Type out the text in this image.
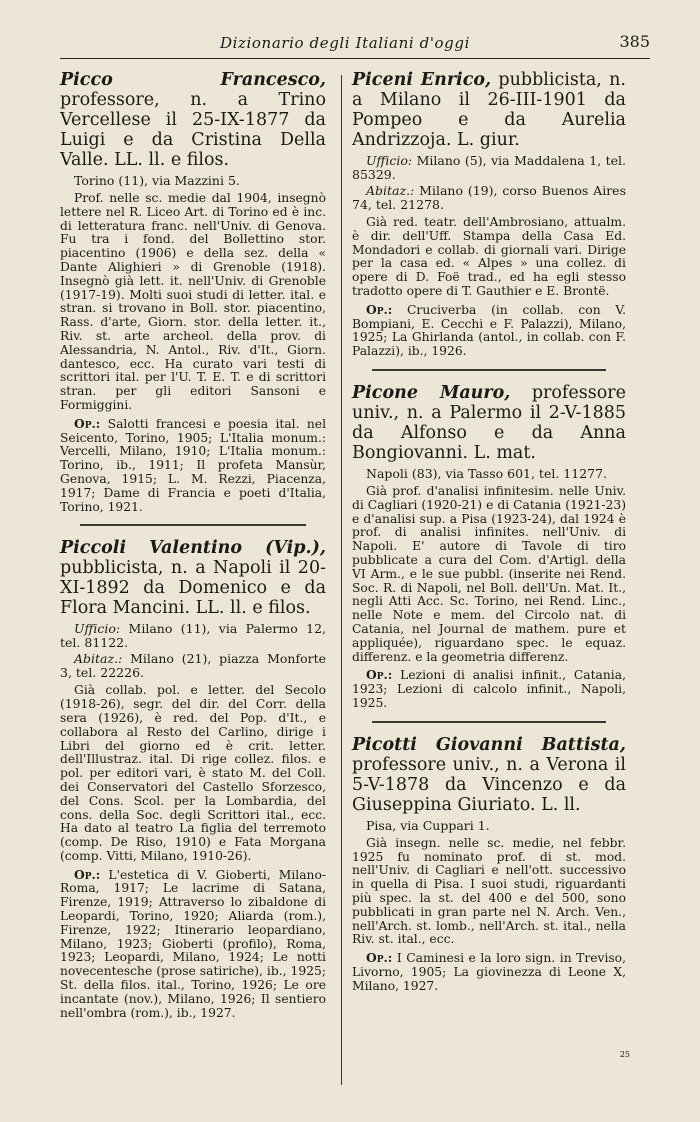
Dizionario degli Italiani d'oggi	385

Picco Francesco, professore, n. a Trino Vercellese il 25-IX-1877 da Luigi e da Cristina Della Valle. LL. ll. e filos.

Torino (11), via Mazzini 5.

Prof. nelle sc. medie dal 1904, insegnò lettere nel R. Liceo Art. di Torino ed è inc. di letteratura franc. nell'Univ. di Genova. Fu tra i fond. del Bollettino stor. piacentino (1906) e della sez. della « Dante Alighieri » di Grenoble (1918). Insegnò già lett. it. nell'Univ. di Grenoble (1917-19). Molti suoi studi di letter. ital. e stran. si trovano in Boll. stor. piacentino, Rass. d'arte, Giorn. stor. della letter. it., Riv. st. arte archeol. della prov. di Alessandria, N. Antol., Riv. d'It., Giorn. dantesco, ecc. Ha curato vari testi di scrittori ital. per l'U. T. E. T. e di scrittori stran. per gli editori Sansoni e Formiggini.

Op.: Salotti francesi e poesia ital. nel Seicento, Torino, 1905; L'Italia monum.: Vercelli, Milano, 1910; L'Italia monum.: Torino, ib., 1911; Il profeta Mansùr, Genova, 1915; L. M. Rezzi, Piacenza, 1917; Dame di Francia e poeti d'Italia, Torino, 1921.

Piccoli Valentino (Vip.), pubblicista, n. a Napoli il 20-XI-1892 da Domenico e da Flora Mancini. LL. ll. e filos.

Ufficio: Milano (11), via Palermo 12, tel. 81122.

Abitaz.: Milano (21), piazza Monforte 3, tel. 22226.

Già collab. pol. e letter. del Secolo (1918-26), segr. del dir. del Corr. della sera (1926), è red. del Pop. d'It., e collabora al Resto del Carlino, dirige i Libri del giorno ed è crit. letter. dell'Illustraz. ital. Di rige collez. filos. e pol. per editori vari, è stato M. del Coll. dei Conservatori del Castello Sforzesco, del Cons. Scol. per la Lombardia, del cons. della Soc. degli Scrittori ital., ecc. Ha dato al teatro La figlia del terremoto (comp. De Riso, 1910) e Fata Morgana (comp. Vitti, Milano, 1910-26).

Op.: L'estetica di V. Gioberti, Milano-Roma, 1917; Le lacrime di Satana, Firenze, 1919; Attraverso lo zibaldone di Leopardi, Torino, 1920; Aliarda (rom.), Firenze, 1922; Itinerario leopardiano, Milano, 1923; Gioberti (profilo), Roma, 1923; Leopardi, Milano, 1924; Le notti novecentesche (prose satiriche), ib., 1925; St. della filos. ital., Torino, 1926; Le ore incantate (nov.), Milano, 1926; Il sentiero nell'ombra (rom.), ib., 1927.

Piceni Enrico, pubblicista, n. a Milano il 26-III-1901 da Pompeo e da Aurelia Andrizzoja. L. giur.

Ufficio: Milano (5), via Maddalena 1, tel. 85329.

Abitaz.: Milano (19), corso Buenos Aires 74, tel. 21278.

Già red. teatr. dell'Ambrosiano, attualm. è dir. dell'Uff. Stampa della Casa Ed. Mondadori e collab. di giornali vari. Dirige per la casa ed. « Alpes » una collez. di opere di D. Foë trad., ed ha egli stesso tradotto opere di T. Gauthier e E. Brontë.

Op.: Cruciverba (in collab. con V. Bompiani, E. Cecchi e F. Palazzi), Milano, 1925; La Ghirlanda (antol., in collab. con F. Palazzi), ib., 1926.

Picone Mauro, professore univ., n. a Palermo il 2-V-1885 da Alfonso e da Anna Bongiovanni. L. mat.

Napoli (83), via Tasso 601, tel. 11277.

Già prof. d'analisi infinitesim. nelle Univ. di Cagliari (1920-21) e di Catania (1921-23) e d'analisi sup. a Pisa (1923-24), dal 1924 è prof. di analisi infinites. nell'Univ. di Napoli. E' autore di Tavole di tiro pubblicate a cura del Com. d'Artigl. della VI Arm., e le sue pubbl. (inserite nei Rend. Soc. R. di Napoli, nel Boll. dell'Un. Mat. It., negli Atti Acc. Sc. Torino, nei Rend. Linc., nelle Note e mem. del Circolo nat. di Catania, nel Journal de mathem. pure et appliquée), riguardano spec. le equaz. differenz. e la geometria differenz.

Op.: Lezioni di analisi infinit., Catania, 1923; Lezioni di calcolo infinit., Napoli, 1925.

Picotti Giovanni Battista, professore univ., n. a Verona il 5-V-1878 da Vincenzo e da Giuseppina Giuriato. L. ll.

Pisa, via Cuppari 1.

Già insegn. nelle sc. medie, nel febbr. 1925 fu nominato prof. di st. mod. nell'Univ. di Cagliari e nell'ott. successivo in quella di Pisa. I suoi studi, riguardanti più spec. la st. del 400 e del 500, sono pubblicati in gran parte nel N. Arch. Ven., nell'Arch. st. lomb., nell'Arch. st. ital., nella Riv. st. ital., ecc.

Op.: I Caminesi e la loro sign. in Treviso, Livorno, 1905; La giovinezza di Leone X, Milano, 1927.

25
